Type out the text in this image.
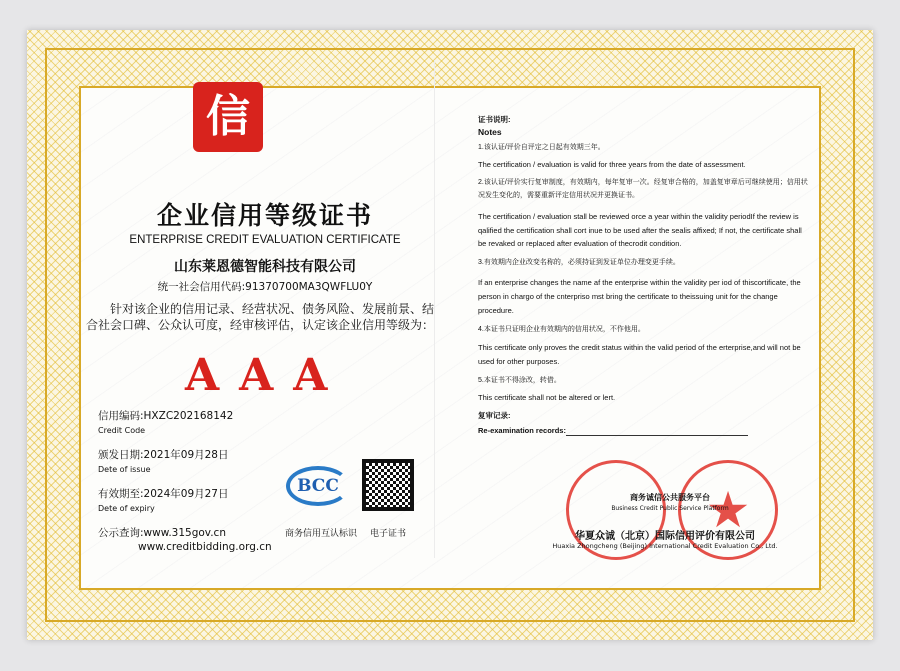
信
企业信用等级证书
ENTERPRISE CREDIT EVALUATION CERTIFICATE
山东莱恩德智能科技有限公司
统一社会信用代码:91370700MA3QWFLU0Y
针对该企业的信用记录、经营状况、债务风险、发展前景、结合社会口碑、公众认可度，经审核评估，认定该企业信用等级为：
AAA
信用编码:HXZC202168142
Credit Code
颁发日期:2021年09月28日
Dete of issue
有效期至:2024年09月27日
Dete of expiry
公示查询:www.315gov.cn
www.creditbidding.org.cn
BCC
商务信用互认标识	电子证书
证书说明:
Notes
1.该认证/评价自评定之日起有效期三年。
The certification / evaluation is valid for three years from the date of assessment.
2.该认证/评价实行复审制度，有效期内，每年复审一次。经复审合格的，加盖复审章后可继续使用；信用状况发生变化的，需要重新评定信用状况并更换证书。
The certification / evaluation stall be reviewed orce a year within the validity periodIf the review is qalified the certification shall cort inue to be used after the sealis affixed; If not, the certificate shall be revaked or replaced after evaluation of thecrodit condition.
3.有效期内企业改变名称的，必须持证到发证单位办理变更手续。
If an enterprise changes the name af the enterprise within the validity per iod of thiscortificate, the person in chargo of the cnterpriso mst bring the certificate to theissuing unit for the change procedure.
4.本证书只证明企业有效期内的信用状况，不作他用。
This certificate only proves the credit status within the valid period of the erterprise,and will not be used for other purposes.
5.本证书不得涂改，转借。
This certificate shall not be altered or lert.
复审记录:
Re-examination records:
★
商务诚信公共服务平台
Business Credit Public Service Platform
华夏众诚（北京）国际信用评价有限公司
Huaxia Zhongcheng (Beijing) International Credit Evaluation Co., Ltd.
